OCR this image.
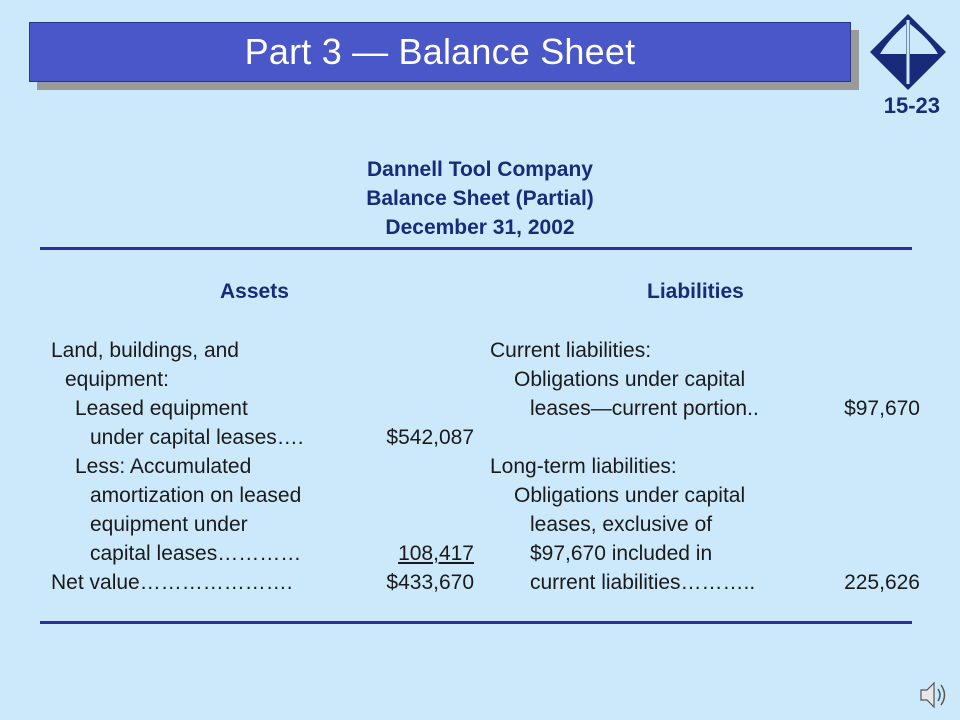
Part 3 — Balance Sheet
15-23
Dannell Tool Company
Balance Sheet (Partial)
December 31, 2002
Assets	Liabilities
Land, buildings, and
equipment:
Leased equipment
under capital leases….
Less: Accumulated
amortization on leased
equipment under
capital leases…………
Net value………………….
$542,087
108,417
$433,670
Current liabilities:
Obligations under capital
leases—current portion..
Long-term liabilities:
Obligations under capital
leases, exclusive of
$97,670 included in
current liabilities………..
$97,670
225,626
